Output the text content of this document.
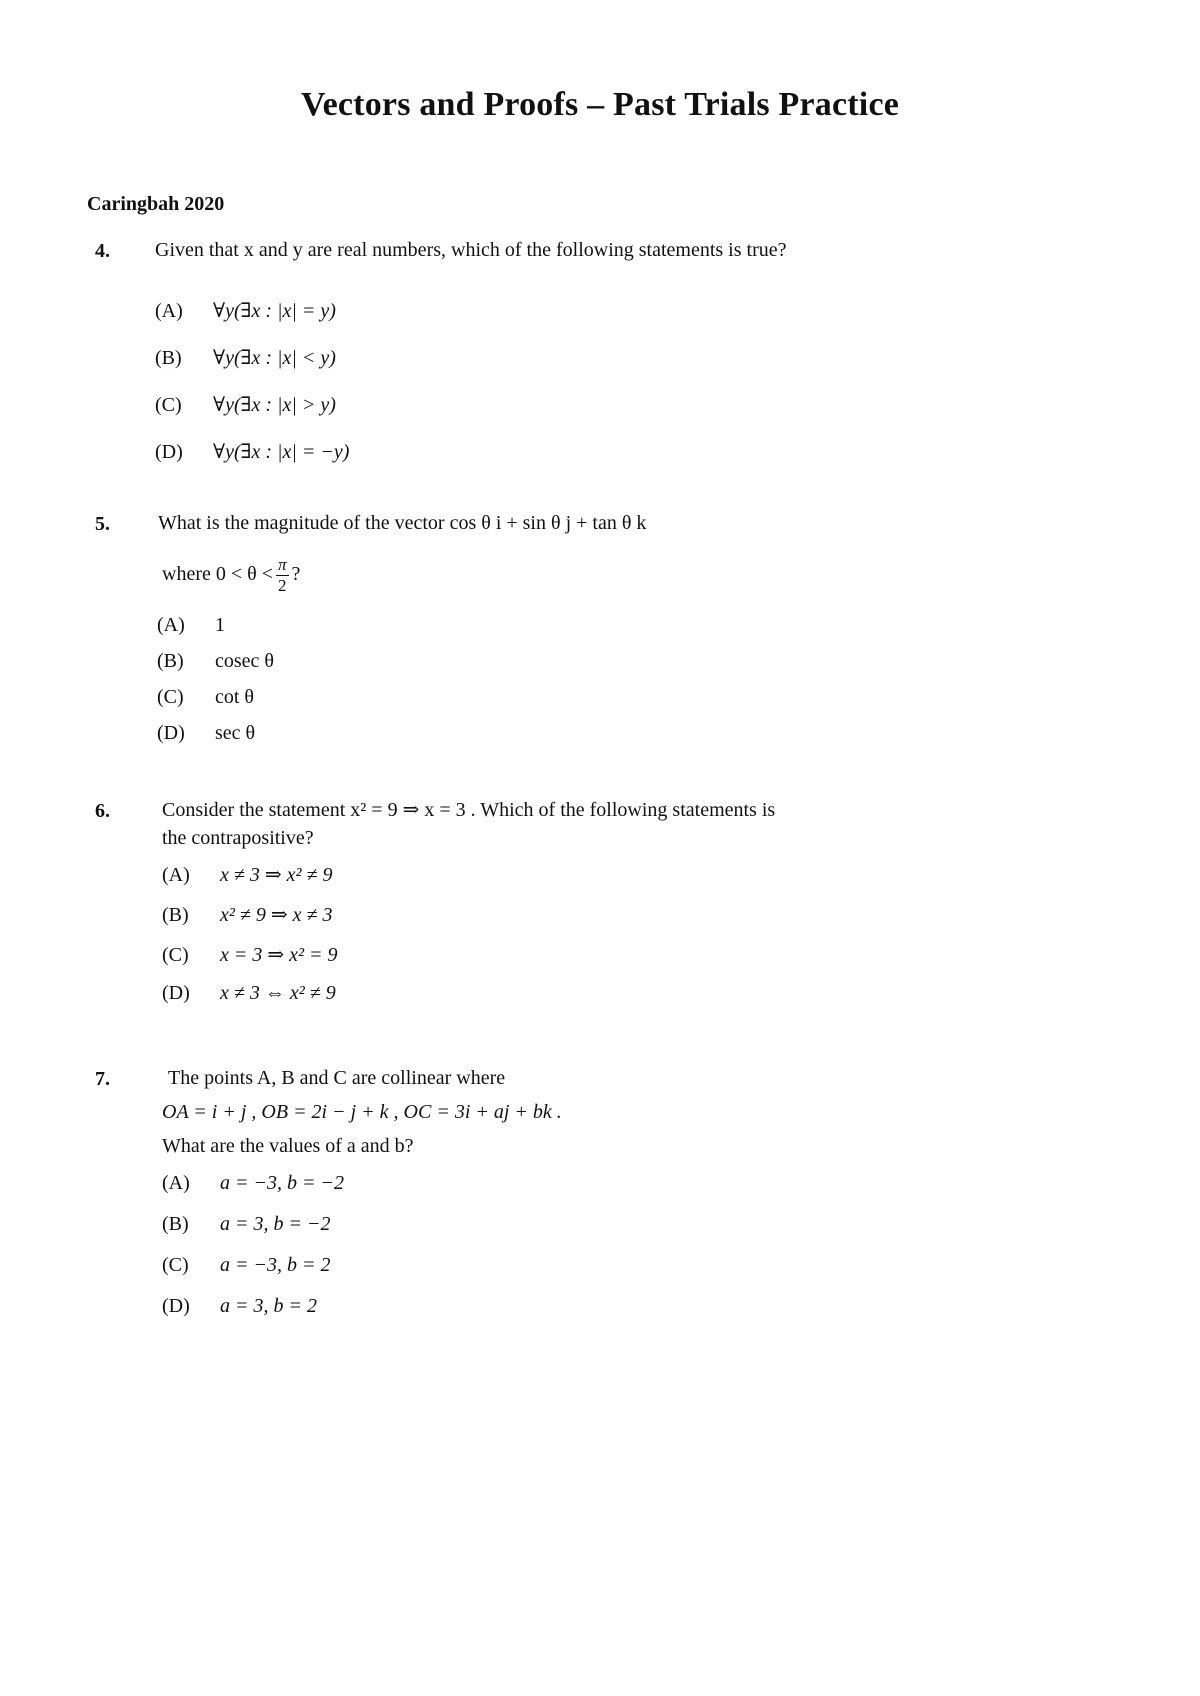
Vectors and Proofs – Past Trials Practice
Caringbah 2020
4. Given that x and y are real numbers, which of the following statements is true?
(A) ∀y(∃x : |x| = y)
(B) ∀y(∃x : |x| < y)
(C) ∀y(∃x : |x| > y)
(D) ∀y(∃x : |x| = −y)
5. What is the magnitude of the vector cos θ i + sin θ j + tan θ k
where $0 < \theta < \frac{\pi}{2}$ ?
(A) 1
(B) cosec θ
(C) cot θ
(D) sec θ
6.	Consider the statement x² = 9 ⇒ x = 3 . Which of the following statements is
the contrapositive?
(A) x ≠ 3 ⇒ x² ≠ 9
(B) x² ≠ 9 ⇒ x ≠ 3
(C) x = 3 ⇒ x² = 9
(D) x ≠ 3 ⇔ x² ≠ 9
7.	The points A, B and C are collinear where
OA = i + j , OB = 2i − j + k , OC = 3i + aj + bk .
What are the values of a and b?
(A) a = −3, b = −2
(B) a = 3, b = −2
(C) a = −3, b = 2
(D) a = 3, b = 2
